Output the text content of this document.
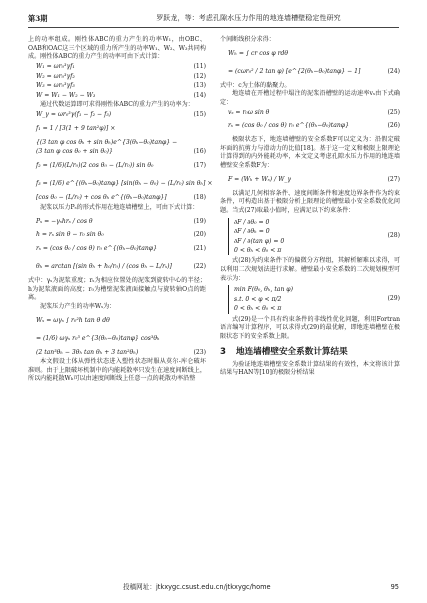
第3期	罗跃龙，等：考虑孔隙水压力作用的地连墙槽壁稳定性研究

上的功率组成。刚性体ABC的重力产生的功率W₁，由OBC、OAB和OAC这三个区域的重力所产生的功率W₁、W₂、W₃共同构成。刚性体ABC的重力产生的功率可由下式计算：

W₁ = ωr₀³γf₁	(11)
W₂ = ωr₀³γf₂	(12)
W₃ = ωr₀³γf₃	(13)
W = W₁ − W₂ − W₃	(14)

通过代数运算即可求得刚性体ABC的重力产生的功率为：

W_γ = ωr₀³γ(f₁ − f₂ − f₃)	(15)
f₁ = 1 / [3(1 + 9 tan²φ)] ×
{(3 tan φ cos θₕ + sin θₕ)e^{3(θₕ−θ₀)tanφ} −
(3 tan φ cos θ₀ + sin θ₀)}	(16)
f₂ = (1/6)(L/r₀)(2 cos θ₀ − (L/r₀)) sin θ₀	(17)
f₃ = (1/6) e^{(θₕ−θ₀)tanφ} [sin(θₕ − θ₀) − (L/r₀) sin θₕ] ×
[cos θ₀ − (L/r₀) + cos θₕ e^{(θₕ−θ₀)tanφ}]	(18)

泥浆以压力Pₛ的形式作用在地连墙槽壁上，可由下式计算：

Pₛ = −γₛhrₛ / cos θ	(19)
h = rₛ sin θ − r₀ sin θ₀	(20)
rₛ = (cos θ₀ / cos θ) r₀ e^{(θₕ−θ₀)tanφ}	(21)
θₕ = arctan [(sin θₕ + h₀/r₀) / (cos θₕ − L/rₛ)]	(22)

式中：γₛ为泥浆重度；rₛ为相应位置处的泥浆到旋转中心的半径；h为泥浆液面的高度；r₀为槽壁泥浆液面接触点与旋转轴O点的距离。

泥浆压力产生的功率Wₛ为：

Wₛ = ωγₛ ∫ r₀²h tan θ dθ
= (1/6) ωγₛ r₀³ e^{3(θₕ−θ₀)tanφ} cos³θₕ
(2 tan³θₕ − 3θₕ tan θₕ + 3 tan²θₕ)	(23)

本文假设土体从弹性状态进入塑性状态时服从莫尔-库仑破坏准则。由于上限破坏机制中的内能耗散率只发生在速度间断线上，所以内能耗散Wₕ可以由速度间断线上任意一点的耗散功率沿整

个间断线积分求得：

Wₕ = ∫ cr cos φ rdθ
= (cωr₀² / 2 tan φ) [e^{2(θₕ−θ₀)tanφ} − 1]	(24)

式中：c为土体的黏聚力。

地连墙在开槽过程中塌注的泥浆沿槽壁的运动速率vₛ由下式确定：

vₛ = r₀ω sin θ	(25)
rₛ = (cos θ₀ / cos θ) r₀ e^{(θₕ−θ₀)tanφ}	(26)

极限状态下，地连墙槽壁的安全系数F可以定义为：沿假定破坏面的抗剪力与滑动力的比值[18]。基于这一定义和极限上限理论计算得到的内外能耗功率，本文定义考虑孔隙水压力作用的地连墙槽壁安全系数F为：

F = (Wₕ + Wₛ) / W_γ	(27)

以满足几何相容条件、速度间断条件和速度边界条件作为约束条件，可构造出基于极限分析上限理论的槽壁最小安全系数优化问题。当式(27)取最小值时，应满足以下约束条件：

∂F / ∂θ₀ = 0
∂F / ∂θₕ = 0
∂F / ∂(tan φ) = 0
0 < θₕ < θ₀ < π
(28)

式(28)为约束条件下的偏微分方程组，其解析解难以求得，可以利用二次规划法进行求解。槽壁最小安全系数的二次规划模型可表示为：

min F(θ₀, θₕ, tan φ)
s.t. 0 < φ < π/2
0 < θₕ < θ₀ < π
(29)

式(29)是一个具有约束条件的非线性优化问题，利用Fortran语言编写计算程序，可以求得式(29)的最优解，即地连墙槽壁在极限状态下的安全系数上限。

3 地连墙槽壁安全系数计算结果

为验证地连墙槽壁安全系数计算结果的有效性，本文将该计算结果与HAN等[10]的极限分析结果

投稿网址：jtkxygc.csust.edu.cn/jtkxygc/home	95
